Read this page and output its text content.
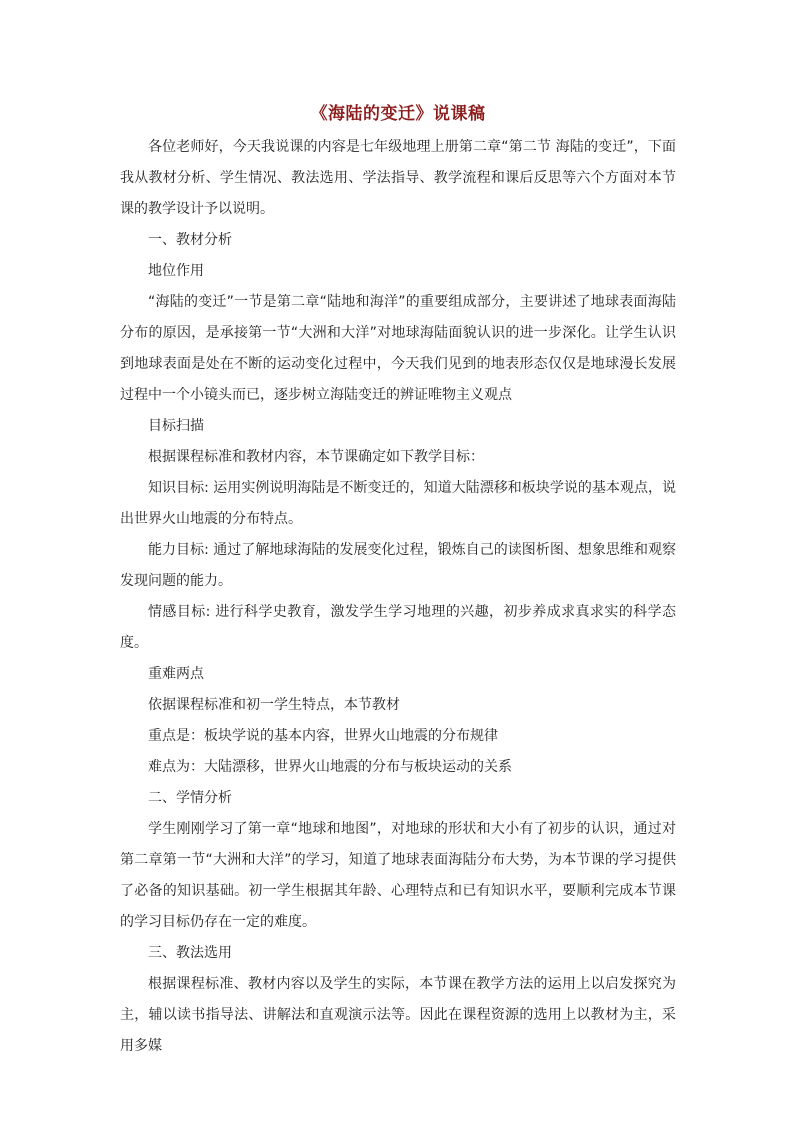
《海陆的变迁》说课稿

各位老师好，今天我说课的内容是七年级地理上册第二章“第二节 海陆的变迁”，下面我从教材分析、学生情况、教法选用、学法指导、教学流程和课后反思等六个方面对本节课的教学设计予以说明。

一、教材分析

地位作用

“海陆的变迁”一节是第二章“陆地和海洋”的重要组成部分，主要讲述了地球表面海陆分布的原因，是承接第一节“大洲和大洋”对地球海陆面貌认识的进一步深化。让学生认识到地球表面是处在不断的运动变化过程中，今天我们见到的地表形态仅仅是地球漫长发展过程中一个小镜头而已，逐步树立海陆变迁的辨证唯物主义观点

目标扫描

根据课程标准和教材内容，本节课确定如下教学目标：

知识目标: 运用实例说明海陆是不断变迁的，知道大陆漂移和板块学说的基本观点，说出世界火山地震的分布特点。

能力目标: 通过了解地球海陆的发展变化过程，锻炼自己的读图析图、想象思维和观察发现问题的能力。

情感目标: 进行科学史教育，激发学生学习地理的兴趣，初步养成求真求实的科学态度。

重难两点

依据课程标准和初一学生特点，本节教材

重点是：板块学说的基本内容，世界火山地震的分布规律

难点为：大陆漂移，世界火山地震的分布与板块运动的关系

二、学情分析

学生刚刚学习了第一章“地球和地图”，对地球的形状和大小有了初步的认识，通过对第二章第一节“大洲和大洋”的学习，知道了地球表面海陆分布大势，为本节课的学习提供了必备的知识基础。初一学生根据其年龄、心理特点和已有知识水平，要顺利完成本节课的学习目标仍存在一定的难度。

三、教法选用

根据课程标准、教材内容以及学生的实际，本节课在教学方法的运用上以启发探究为主，辅以读书指导法、讲解法和直观演示法等。因此在课程资源的选用上以教材为主，采用多媒
